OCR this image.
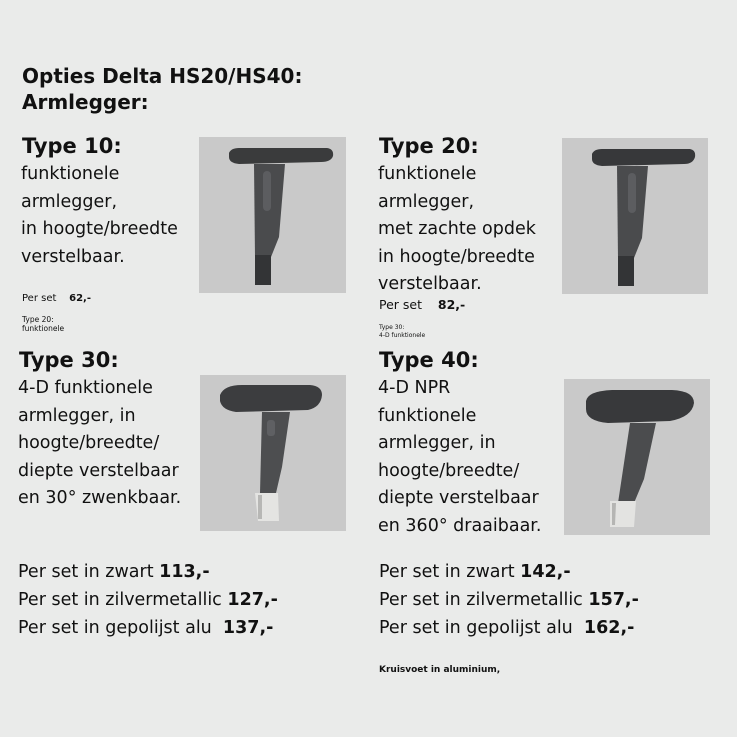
Opties Delta HS20/HS40:
Armlegger:
Type 10:
funktionele
armlegger,
in hoogte/breedte
verstelbaar.
Per set 62,-
Type 20:
funktionele
Type 20:
funktionele
armlegger,
met zachte opdek
in hoogte/breedte
verstelbaar.
Per set 82,-
Type 30:
4-D funktionele
Type 30:
4-D funktionele
armlegger, in
hoogte/breedte/
diepte verstelbaar
en 30° zwenkbaar.
Per set in zwart 113,-
Per set in zilvermetallic 127,-
Per set in gepolijst alu 137,-
Type 40:
4-D NPR
funktionele
armlegger, in
hoogte/breedte/
diepte verstelbaar
en 360° draaibaar.
Per set in zwart 142,-
Per set in zilvermetallic 157,-
Per set in gepolijst alu 162,-
Kruisvoet in aluminium,
